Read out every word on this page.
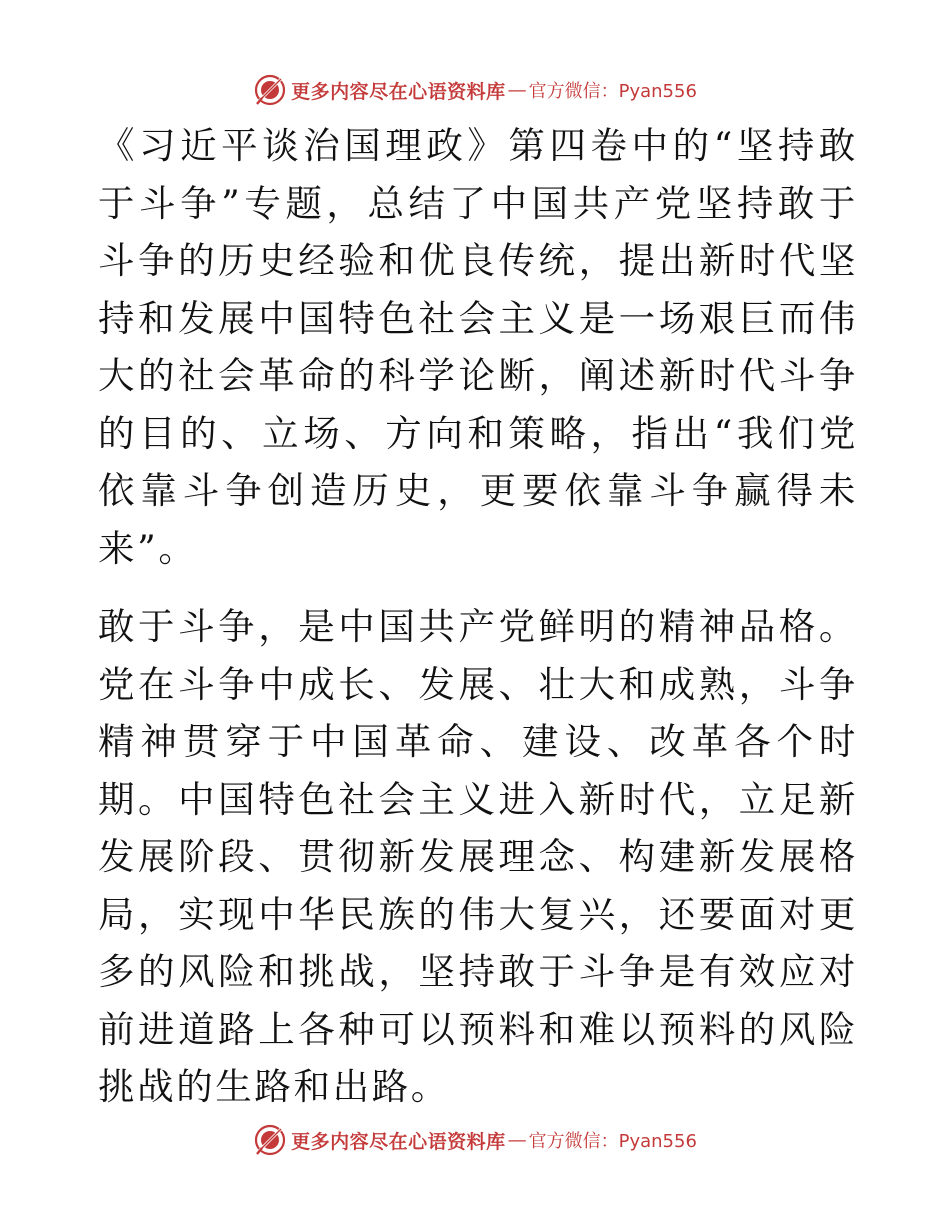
更多内容尽在心语资料库 — 官方微信：Pyan556

《习近平谈治国理政》第四卷中的“坚持敢于斗争”专题，总结了中国共产党坚持敢于斗争的历史经验和优良传统，提出新时代坚持和发展中国特色社会主义是一场艰巨而伟大的社会革命的科学论断，阐述新时代斗争的目的、立场、方向和策略，指出“我们党依靠斗争创造历史，更要依靠斗争赢得未来”。

敢于斗争，是中国共产党鲜明的精神品格。党在斗争中成长、发展、壮大和成熟，斗争精神贯穿于中国革命、建设、改革各个时期。中国特色社会主义进入新时代，立足新发展阶段、贯彻新发展理念、构建新发展格局，实现中华民族的伟大复兴，还要面对更多的风险和挑战，坚持敢于斗争是有效应对前进道路上各种可以预料和难以预料的风险挑战的生路和出路。

更多内容尽在心语资料库 — 官方微信：Pyan556
